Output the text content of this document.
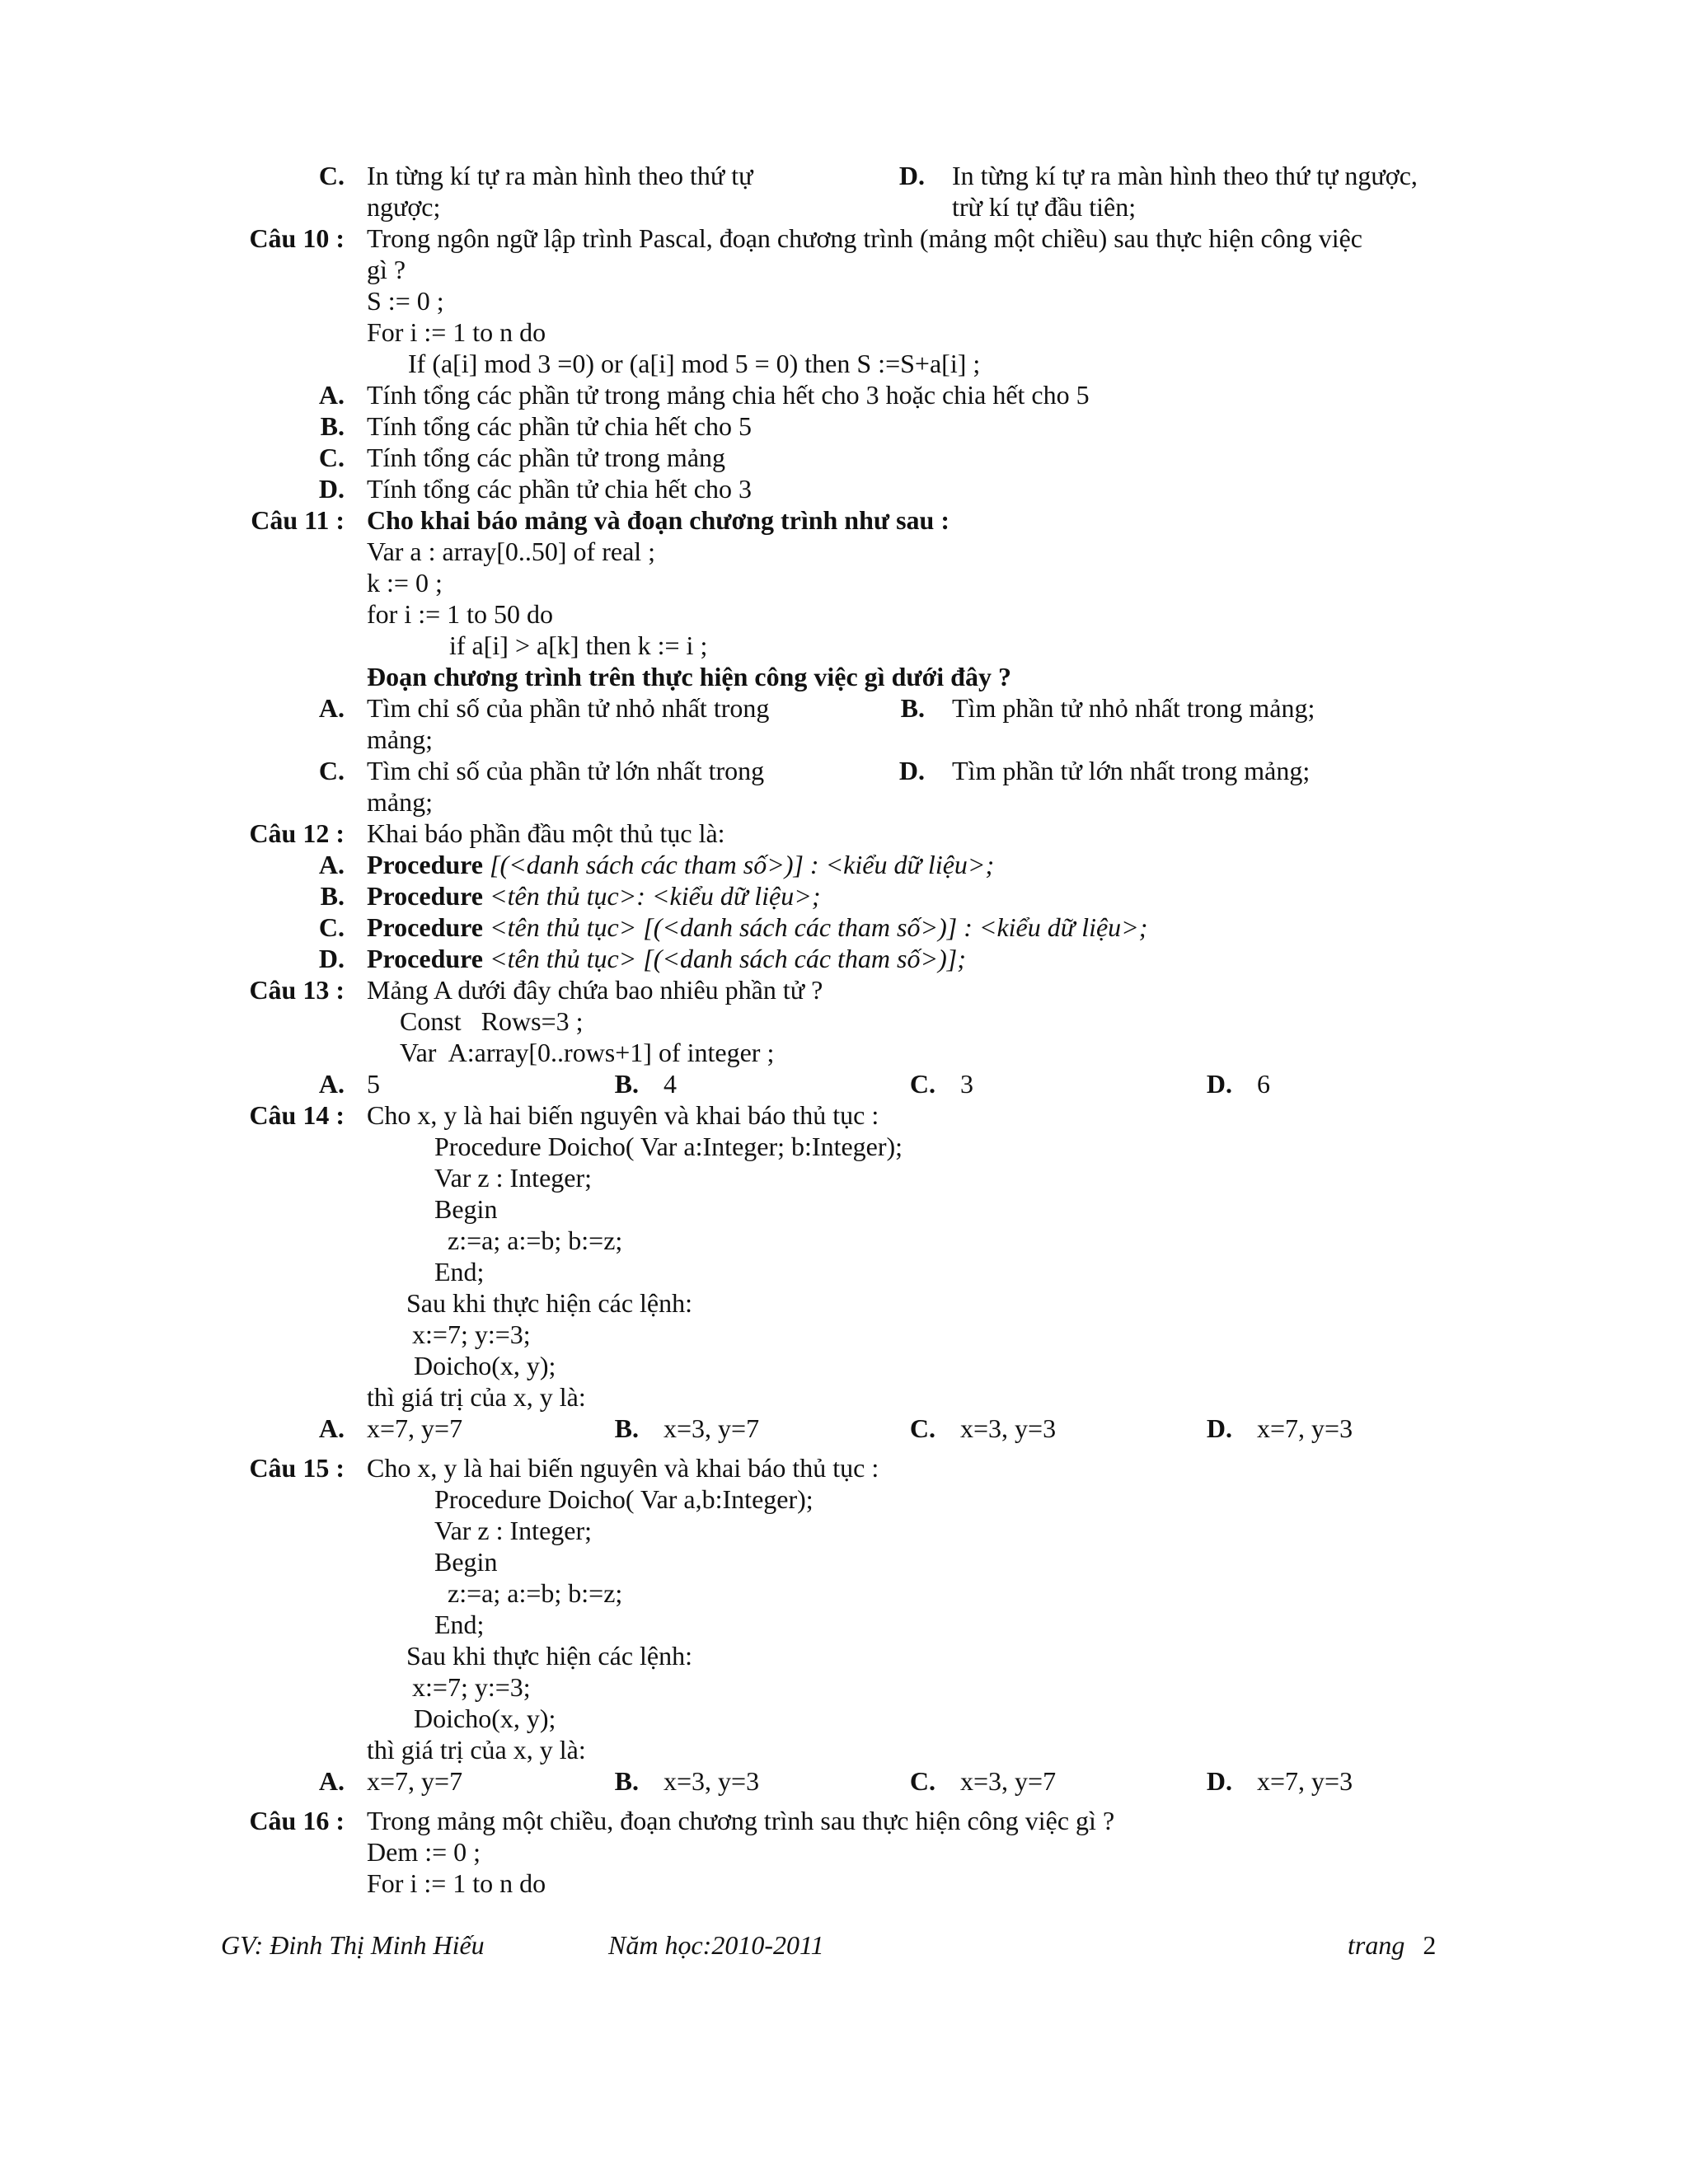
C. In từng kí tự ra màn hình theo thứ tự	D. In từng kí tự ra màn hình theo thứ tự ngược,
ngược;	trừ kí tự đầu tiên;
Câu 10 : Trong ngôn ngữ lập trình Pascal, đoạn chương trình (mảng một chiều) sau thực hiện công việc
gì ?
S := 0 ;
For i := 1 to n do
If (a[i] mod 3 =0) or (a[i] mod 5 = 0) then S :=S+a[i] ;
A. Tính tổng các phần tử trong mảng chia hết cho 3 hoặc chia hết cho 5
B. Tính tổng các phần tử chia hết cho 5
C. Tính tổng các phần tử trong mảng
D. Tính tổng các phần tử chia hết cho 3
Câu 11 : Cho khai báo mảng và đoạn chương trình như sau :
Var a : array[0..50] of real ;
k := 0 ;
for i := 1 to 50 do
if a[i] > a[k] then k := i ;
Đoạn chương trình trên thực hiện công việc gì dưới đây ?
A. Tìm chỉ số của phần tử nhỏ nhất trong	B. Tìm phần tử nhỏ nhất trong mảng;
mảng;
C. Tìm chỉ số của phần tử lớn nhất trong	D. Tìm phần tử lớn nhất trong mảng;
mảng;
Câu 12 : Khai báo phần đầu một thủ tục là:
A. Procedure [(<danh sách các tham số>)] : <kiểu dữ liệu>;
B. Procedure <tên thủ tục>: <kiểu dữ liệu>;
C. Procedure <tên thủ tục> [(<danh sách các tham số>)] : <kiểu dữ liệu>;
D. Procedure <tên thủ tục> [(<danh sách các tham số>)];
Câu 13 : Mảng A dưới đây chứa bao nhiêu phần tử ?
Const   Rows=3 ;
Var  A:array[0..rows+1] of integer ;
A. 5	B. 4	C. 3	D. 6
Câu 14 : Cho x, y là hai biến nguyên và khai báo thủ tục :
Procedure Doicho( Var a:Integer; b:Integer);
Var z : Integer;
Begin
z:=a; a:=b; b:=z;
End;
Sau khi thực hiện các lệnh:
x:=7; y:=3;
Doicho(x, y);
thì giá trị của x, y là:
A. x=7, y=7	B. x=3, y=7	C. x=3, y=3	D. x=7, y=3
Câu 15 : Cho x, y là hai biến nguyên và khai báo thủ tục :
Procedure Doicho( Var a,b:Integer);
Var z : Integer;
Begin
z:=a; a:=b; b:=z;
End;
Sau khi thực hiện các lệnh:
x:=7; y:=3;
Doicho(x, y);
thì giá trị của x, y là:
A. x=7, y=7	B. x=3, y=3	C. x=3, y=7	D. x=7, y=3
Câu 16 : Trong mảng một chiều, đoạn chương trình sau thực hiện công việc gì ?
Dem := 0 ;
For i := 1 to n do
GV: Đinh Thị Minh Hiếu	Năm học:2010-2011	trang 2
